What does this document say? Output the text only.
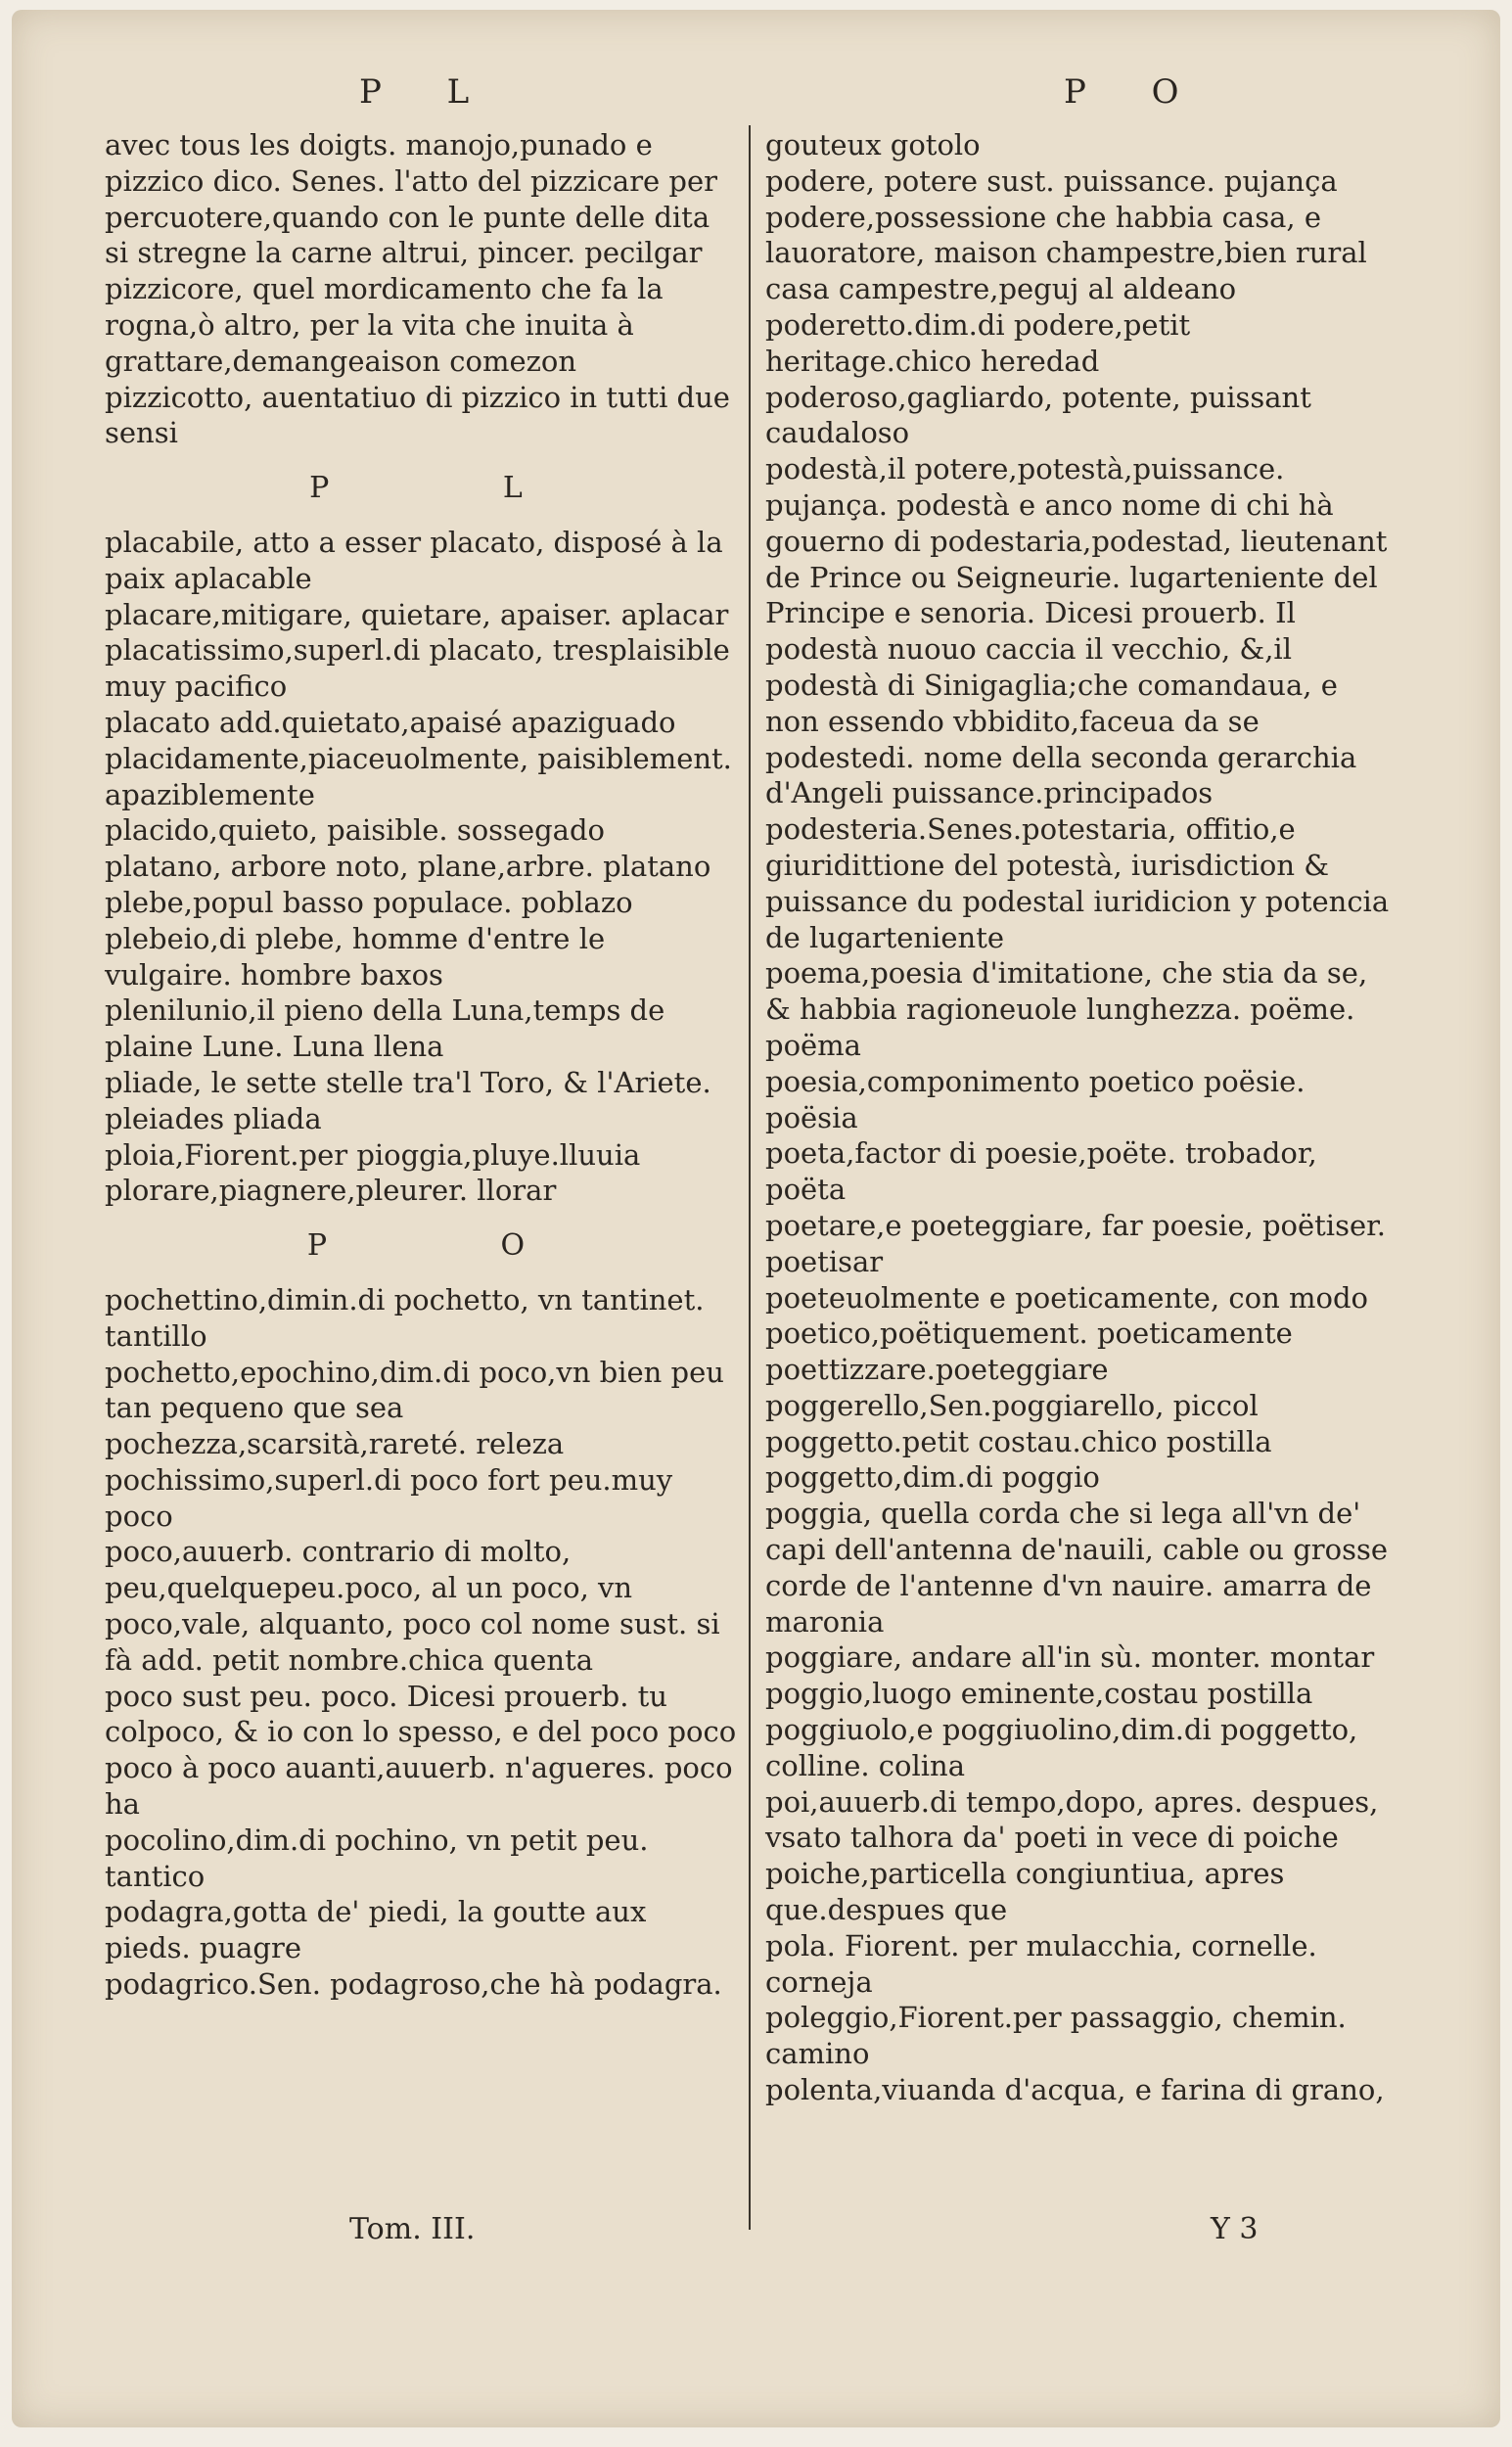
P L	P O

avec tous les doigts. manojo,punado e pizzico dico. Senes. l'atto del pizzicare per percuotere,quando con le punte delle dita si stregne la carne altrui, pincer. pecilgar

pizzicore, quel mordicamento che fa la rogna,ò altro, per la vita che inuita à grattare,demangeaison comezon

pizzicotto, auentatiuo di pizzico in tutti due sensi

P L

placabile, atto a esser placato, disposé à la paix aplacable

placare,mitigare, quietare, apaiser. aplacar

placatissimo,superl.di placato, tresplaisible muy pacifico

placato add.quietato,apaisé apaziguado

placidamente,piaceuolmente, paisiblement. apaziblemente

placido,quieto, paisible. sossegado

platano, arbore noto, plane,arbre. platano

plebe,popul basso populace. poblazo

plebeio,di plebe, homme d'entre le vulgaire. hombre baxos

plenilunio,il pieno della Luna,temps de plaine Lune. Luna llena

pliade, le sette stelle tra'l Toro, & l'Ariete. pleiades pliada

ploia,Fiorent.per pioggia,pluye.lluuia

plorare,piagnere,pleurer. llorar

P O

pochettino,dimin.di pochetto, vn tantinet. tantillo

pochetto,epochino,dim.di poco,vn bien peu tan pequeno que sea

pochezza,scarsità,rareté. releza

pochissimo,superl.di poco fort peu.muy poco

poco,auuerb. contrario di molto, peu,quelquepeu.poco, al un poco, vn poco,vale, alquanto, poco col nome sust. si fà add. petit nombre.chica quenta

poco sust peu. poco. Dicesi prouerb. tu colpoco, & io con lo spesso, e del poco poco

poco à poco auanti,auuerb. n'agueres. poco ha

pocolino,dim.di pochino, vn petit peu. tantico

podagra,gotta de' piedi, la goutte aux pieds. puagre

podagrico.Sen. podagroso,che hà podagra.

gouteux gotolo

podere, potere sust. puissance. pujança

podere,possessione che habbia casa, e lauoratore, maison champestre,bien rural casa campestre,peguj al aldeano

poderetto.dim.di podere,petit heritage.chico heredad

poderoso,gagliardo, potente, puissant caudaloso

podestà,il potere,potestà,puissance. pujança. podestà e anco nome di chi hà gouerno di podestaria,podestad, lieutenant de Prince ou Seigneurie. lugarteniente del Principe e senoria. Dicesi prouerb. Il podestà nuouo caccia il vecchio, &,il podestà di Sinigaglia;che comandaua, e non essendo vbbidito,faceua da se

podestedi. nome della seconda gerarchia d'Angeli puissance.principados

podesteria.Senes.potestaria, offitio,e giuridittione del potestà, iurisdiction & puissance du podestal iuridicion y potencia de lugarteniente

poema,poesia d'imitatione, che stia da se, & habbia ragioneuole lunghezza. poëme. poëma

poesia,componimento poetico poësie. poësia

poeta,factor di poesie,poëte. trobador, poëta

poetare,e poeteggiare, far poesie, poëtiser. poetisar

poeteuolmente e poeticamente, con modo poetico,poëtiquement. poeticamente

poettizzare.poeteggiare

poggerello,Sen.poggiarello, piccol poggetto.petit costau.chico postilla

poggetto,dim.di poggio

poggia, quella corda che si lega all'vn de' capi dell'antenna de'nauili, cable ou grosse corde de l'antenne d'vn nauire. amarra de maronia

poggiare, andare all'in sù. monter. montar

poggio,luogo eminente,costau postilla

poggiuolo,e poggiuolino,dim.di poggetto, colline. colina

poi,auuerb.di tempo,dopo, apres. despues, vsato talhora da' poeti in vece di poiche

poiche,particella congiuntiua, apres que.despues que

pola. Fiorent. per mulacchia, cornelle. corneja

poleggio,Fiorent.per passaggio, chemin. camino

polenta,viuanda d'acqua, e farina di grano,

Tom. III.	Y 3
